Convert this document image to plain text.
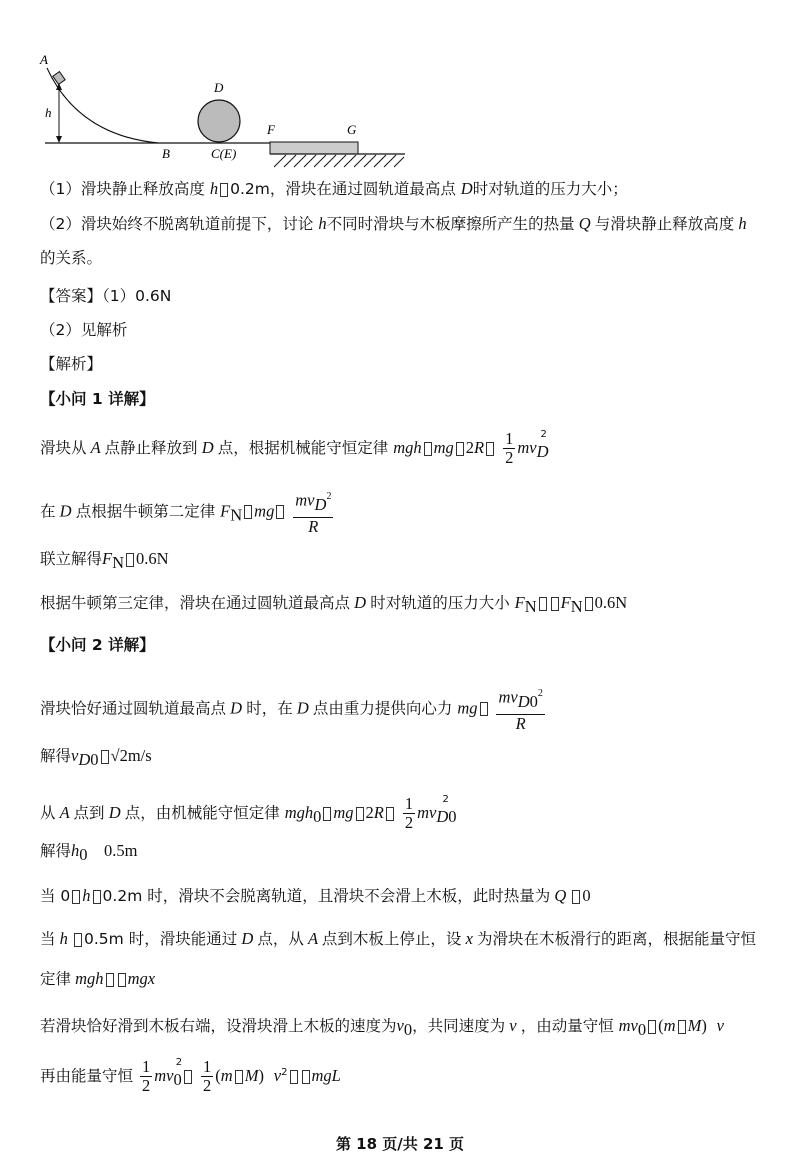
A
h
D
B	C(E)
F	G
（1）滑块静止释放高度 h 0.2m，滑块在通过圆轨道最高点 D时对轨道的压力大小；
（2）滑块始终不脱离轨道前提下，讨论 h不同时滑块与木板摩擦所产生的热量 Q 与滑块静止释放高度 h
的关系。
【答案】（1）0.6N
（2）见解析
【解析】
【小问 1 详解】
滑块从 A 点静止释放到 D 点，根据机械能守恒定律 mgh mg $2R \frac{1}{2} mv_D^2$
在 D 点根据牛顿第二定律 $F_N$ mg $\frac{mv_D^2}{R}$
联立解得$F_N$ 0.6N
根据牛顿第三定律，滑块在通过圆轨道最高点 D 时对轨道的压力大小 $F_N$ $F_N$ 0.6N
【小问 2 详解】
滑块恰好通过圆轨道最高点 D 时，在 D 点由重力提供向心力 mg $\frac{mv_{D0}^2}{R}$
解得$v_{D0}$ √2m/s
从 A 点到 D 点，由机械能守恒定律 mgh$_0$ mg $2R \frac{1}{2} mv_{D0}^2$
解得$h_0$ 0.5m
当 0 h 0.2m 时，滑块不会脱离轨道，且滑块不会滑上木板，此时热量为 Q 0
当 h 0.5m 时，滑块能通过 D 点，从 A 点到木板上停止，设 x 为滑块在木板滑行的距离，根据能量守恒
定律 mgh mgx
若滑块恰好滑到木板右端，设滑块滑上木板的速度为$v_0$，共同速度为 v ，由动量守恒 $mv_0$ (m M) v
再由能量守恒 $\frac{1}{2} mv_0^2 \frac{1}{2} (m$ M) $v^2$ mgL
第 18 页/共 21 页
